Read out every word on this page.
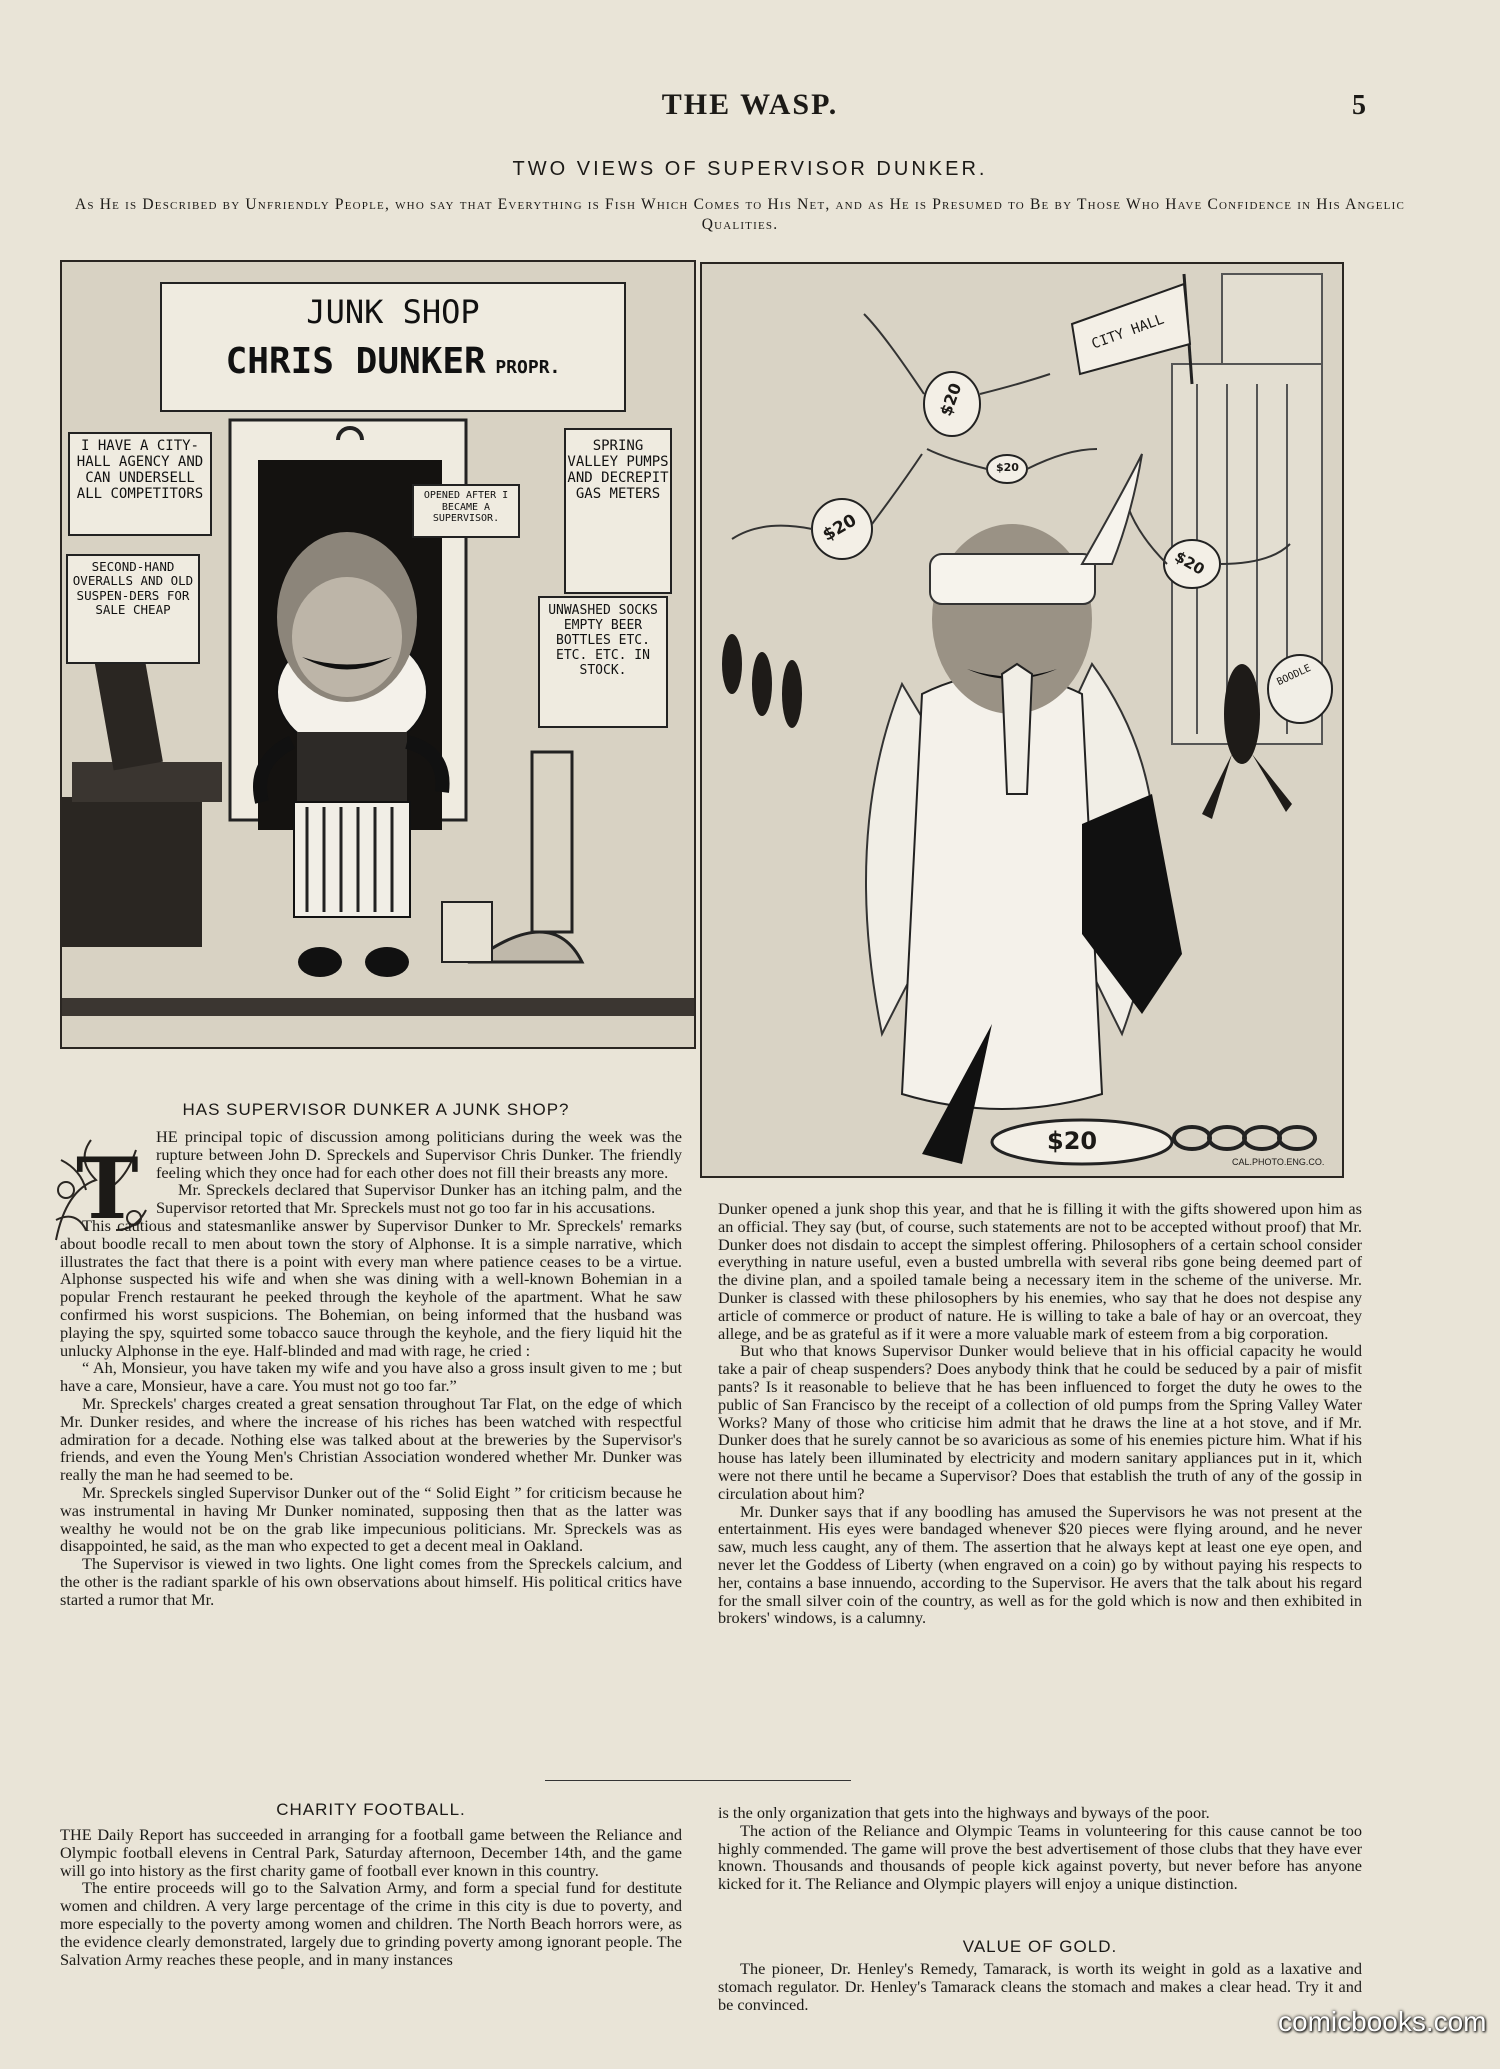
THE WASP.	5
TWO VIEWS OF SUPERVISOR DUNKER.
As He is Described by Unfriendly People, who say that Everything is Fish Which Comes to His Net, and as He is Presumed to Be by Those Who Have Confidence in His Angelic Qualities.
JUNK SHOP
CHRIS DUNKER PROPR.
I HAVE A CITY-HALL AGENCY AND CAN UNDERSELL ALL COMPETITORS	OPENED AFTER I BECAME A SUPERVISOR.
SPRING VALLEY PUMPS AND DECREPIT GAS METERS
SECOND-HAND OVERALLS AND OLD SUSPEN-DERS FOR SALE CHEAP	UNWASHED SOCKS EMPTY BEER BOTTLES ETC. ETC. ETC. IN STOCK.
CITY HALL
$20
$20
$20
$20
BOODLE
$20
CAL.PHOTO.ENG.CO.
HAS SUPERVISOR DUNKER A JUNK SHOP?
T

HE principal topic of discussion among politicians during the week was the rupture between John D. Spreckels and Supervisor Chris Dunker. The friendly feeling which they once had for each other does not fill their breasts any more.

Mr. Spreckels declared that Supervisor Dunker has an itching palm, and the Supervisor retorted that Mr. Spreckels must not go too far in his accusations.

This cautious and statesmanlike answer by Supervisor Dunker to Mr. Spreckels' remarks about boodle recall to men about town the story of Alphonse. It is a simple narrative, which illustrates the fact that there is a point with every man where patience ceases to be a virtue. Alphonse suspected his wife and when she was dining with a well-known Bohemian in a popular French restaurant he peeked through the keyhole of the apartment. What he saw confirmed his worst suspicions. The Bohemian, on being informed that the husband was playing the spy, squirted some tobacco sauce through the keyhole, and the fiery liquid hit the unlucky Alphonse in the eye. Half-blinded and mad with rage, he cried :

“ Ah, Monsieur, you have taken my wife and you have also a gross insult given to me ; but have a care, Monsieur, have a care. You must not go too far.”

Mr. Spreckels' charges created a great sensation throughout Tar Flat, on the edge of which Mr. Dunker resides, and where the increase of his riches has been watched with respectful admiration for a decade. Nothing else was talked about at the breweries by the Supervisor's friends, and even the Young Men's Christian Association wondered whether Mr. Dunker was really the man he had seemed to be.

Mr. Spreckels singled Supervisor Dunker out of the “ Solid Eight ” for criticism because he was instrumental in having Mr Dunker nominated, supposing then that as the latter was wealthy he would not be on the grab like impecunious politicians. Mr. Spreckels was as disappointed, he said, as the man who expected to get a decent meal in Oakland.

The Supervisor is viewed in two lights. One light comes from the Spreckels calcium, and the other is the radiant sparkle of his own observations about himself. His political critics have started a rumor that Mr.

Dunker opened a junk shop this year, and that he is filling it with the gifts showered upon him as an official. They say (but, of course, such statements are not to be accepted without proof) that Mr. Dunker does not disdain to accept the simplest offering. Philosophers of a certain school consider everything in nature useful, even a busted umbrella with several ribs gone being deemed part of the divine plan, and a spoiled tamale being a necessary item in the scheme of the universe. Mr. Dunker is classed with these philosophers by his enemies, who say that he does not despise any article of commerce or product of nature. He is willing to take a bale of hay or an overcoat, they allege, and be as grateful as if it were a more valuable mark of esteem from a big corporation.

But who that knows Supervisor Dunker would believe that in his official capacity he would take a pair of cheap suspenders? Does anybody think that he could be seduced by a pair of misfit pants? Is it reasonable to believe that he has been influenced to forget the duty he owes to the public of San Francisco by the receipt of a collection of old pumps from the Spring Valley Water Works? Many of those who criticise him admit that he draws the line at a hot stove, and if Mr. Dunker does that he surely cannot be so avaricious as some of his enemies picture him. What if his house has lately been illuminated by electricity and modern sanitary appliances put in it, which were not there until he became a Supervisor? Does that establish the truth of any of the gossip in circulation about him?

Mr. Dunker says that if any boodling has amused the Supervisors he was not present at the entertainment. His eyes were bandaged whenever $20 pieces were flying around, and he never saw, much less caught, any of them. The assertion that he always kept at least one eye open, and never let the Goddess of Liberty (when engraved on a coin) go by without paying his respects to her, contains a base innuendo, according to the Supervisor. He avers that the talk about his regard for the small silver coin of the country, as well as for the gold which is now and then exhibited in brokers' windows, is a calumny.

CHARITY FOOTBALL.

THE Daily Report has succeeded in arranging for a football game between the Reliance and Olympic football elevens in Central Park, Saturday afternoon, December 14th, and the game will go into history as the first charity game of football ever known in this country.

The entire proceeds will go to the Salvation Army, and form a special fund for destitute women and children. A very large percentage of the crime in this city is due to poverty, and more especially to the poverty among women and children. The North Beach horrors were, as the evidence clearly demonstrated, largely due to grinding poverty among ignorant people. The Salvation Army reaches these people, and in many instances

is the only organization that gets into the highways and byways of the poor.

The action of the Reliance and Olympic Teams in volunteering for this cause cannot be too highly commended. The game will prove the best advertisement of those clubs that they have ever known. Thousands and thousands of people kick against poverty, but never before has anyone kicked for it. The Reliance and Olympic players will enjoy a unique distinction.

VALUE OF GOLD.

The pioneer, Dr. Henley's Remedy, Tamarack, is worth its weight in gold as a laxative and stomach regulator. Dr. Henley's Tamarack cleans the stomach and makes a clear head. Try it and be convinced.

comicbooks.com
